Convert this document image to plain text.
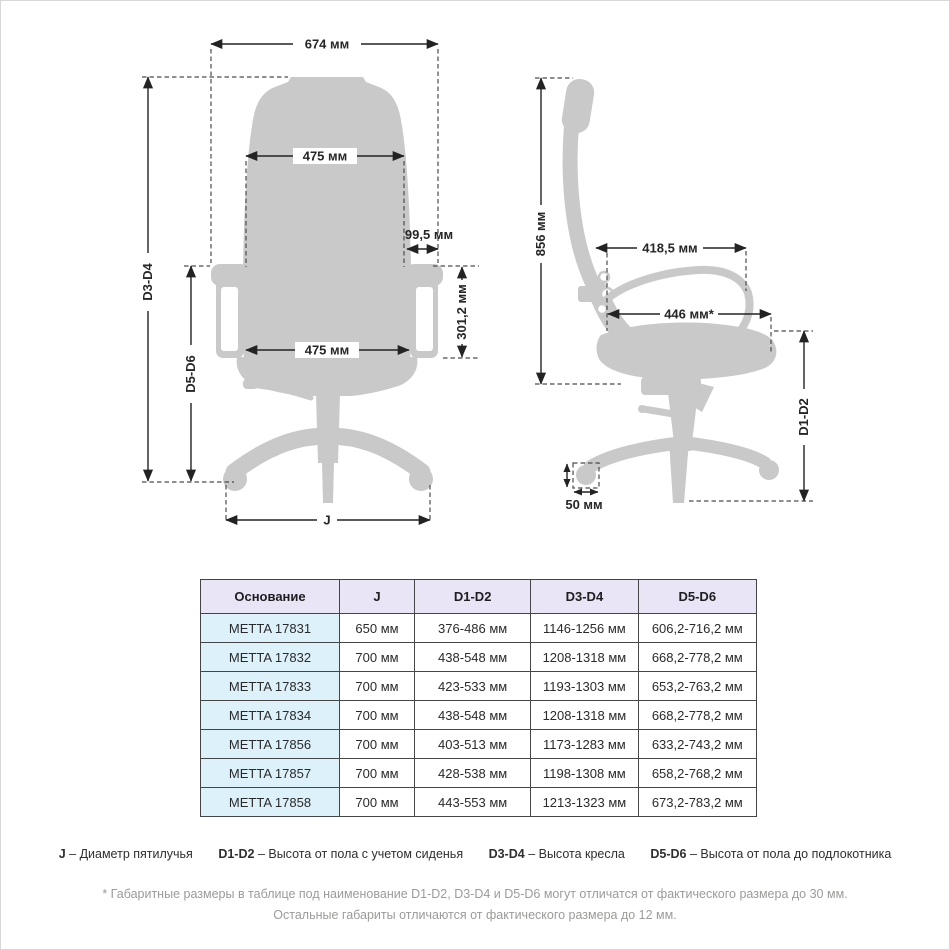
674 мм
D3-D4
D5-D6
475 мм
99,5 мм
301,2 мм
475 мм
J
856 мм	418,5 мм
446 мм*
D1-D2
50 мм
Основание	J	D1-D2	D3-D4	D5-D6
METTA 17831	650 мм	376-486 мм	1146-1256 мм	606,2-716,2 мм
METTA 17832	700 мм	438-548 мм	1208-1318 мм	668,2-778,2 мм
METTA 17833	700 мм	423-533 мм	1193-1303 мм	653,2-763,2 мм
METTA 17834	700 мм	438-548 мм	1208-1318 мм	668,2-778,2 мм
METTA 17856	700 мм	403-513 мм	1173-1283 мм	633,2-743,2 мм
METTA 17857	700 мм	428-538 мм	1198-1308 мм	658,2-768,2 мм
METTA 17858	700 мм	443-553 мм	1213-1323 мм	673,2-783,2 мм
J – Диаметр пятилучья D1-D2 – Высота от пола с учетом сиденья D3-D4 – Высота кресла D5-D6 – Высота от пола до подлокотника
* Габаритные размеры в таблице под наименование D1-D2, D3-D4 и D5-D6 могут отличатся от фактического размера до 30 мм.
Остальные габариты отличаются от фактического размера до 12 мм.
